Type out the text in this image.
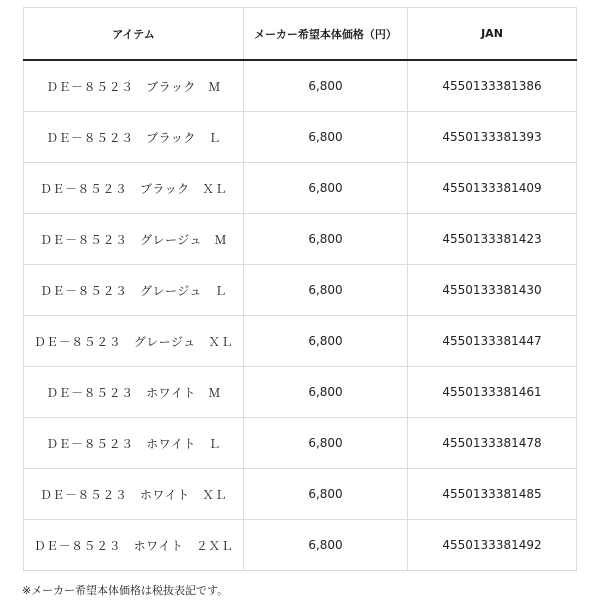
アイテム	メーカー希望本体価格（円）	JAN
ＤＥ－８５２３　ブラック　Ｍ	6,800	4550133381386
ＤＥ－８５２３　ブラック　Ｌ	6,800	4550133381393
ＤＥ－８５２３　ブラック　ＸＬ	6,800	4550133381409
ＤＥ－８５２３　グレージュ　Ｍ	6,800	4550133381423
ＤＥ－８５２３　グレージュ　Ｌ	6,800	4550133381430
ＤＥ－８５２３　グレージュ　ＸＬ	6,800	4550133381447
ＤＥ－８５２３　ホワイト　Ｍ	6,800	4550133381461
ＤＥ－８５２３　ホワイト　Ｌ	6,800	4550133381478
ＤＥ－８５２３　ホワイト　ＸＬ	6,800	4550133381485
ＤＥ－８５２３　ホワイト　２ＸＬ	6,800	4550133381492
※メーカー希望本体価格は税抜表記です。
